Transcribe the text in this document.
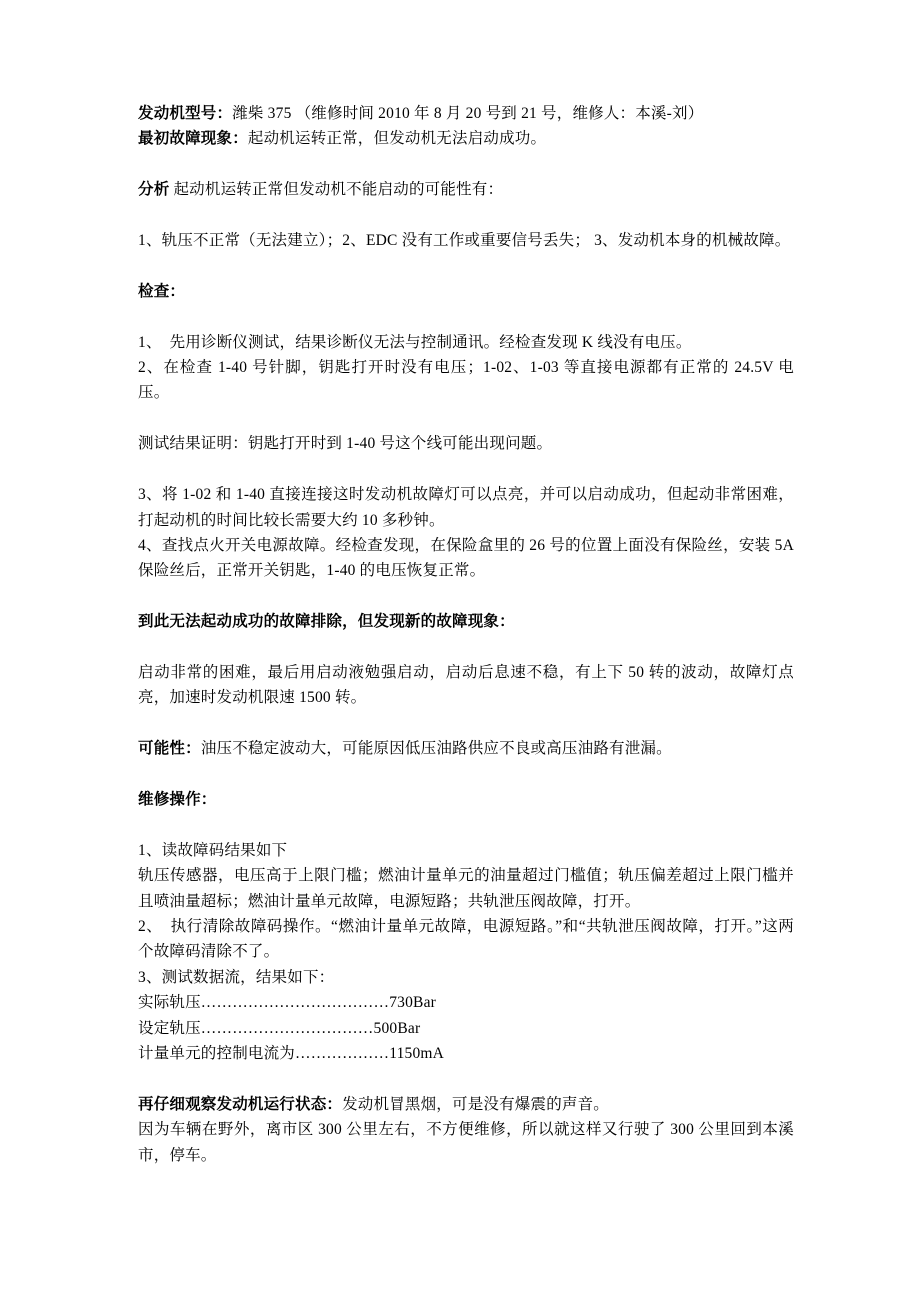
发动机型号：潍柴 375 （维修时间 2010 年 8 月 20 号到 21 号，维修人：本溪-刘）
最初故障现象：起动机运转正常，但发动机无法启动成功。

分析 起动机运转正常但发动机不能启动的可能性有：

1、轨压不正常（无法建立）；2、EDC 没有工作或重要信号丢失； 3、发动机本身的机械故障。

检查：

1、　先用诊断仪测试，结果诊断仪无法与控制通讯。经检查发现 K 线没有电压。
2、在检查 1-40 号针脚，钥匙打开时没有电压；1-02、1-03 等直接电源都有正常的 24.5V 电压。

测试结果证明：钥匙打开时到 1-40 号这个线可能出现问题。

3、将 1-02 和 1-40 直接连接这时发动机故障灯可以点亮，并可以启动成功，但起动非常困难，打起动机的时间比较长需要大约 10 多秒钟。
4、查找点火开关电源故障。经检查发现，在保险盒里的 26 号的位置上面没有保险丝，安装 5A 保险丝后，正常开关钥匙，1-40 的电压恢复正常。

到此无法起动成功的故障排除，但发现新的故障现象：

启动非常的困难，最后用启动液勉强启动，启动后息速不稳，有上下 50 转的波动，故障灯点亮，加速时发动机限速 1500 转。

可能性：油压不稳定波动大，可能原因低压油路供应不良或高压油路有泄漏。

维修操作：

1、读故障码结果如下
轨压传感器，电压高于上限门槛；燃油计量单元的油量超过门槛值；轨压偏差超过上限门槛并且喷油量超标；燃油计量单元故障，电源短路；共轨泄压阀故障，打开。
2、　执行清除故障码操作。“燃油计量单元故障，电源短路。”和“共轨泄压阀故障，打开。”这两个故障码清除不了。
3、测试数据流，结果如下：
实际轨压………………………………730Bar
设定轨压……………………………500Bar
计量单元的控制电流为………………1150mA

再仔细观察发动机运行状态：发动机冒黑烟，可是没有爆震的声音。
因为车辆在野外，离市区 300 公里左右，不方便维修，所以就这样又行驶了 300 公里回到本溪市，停车。
